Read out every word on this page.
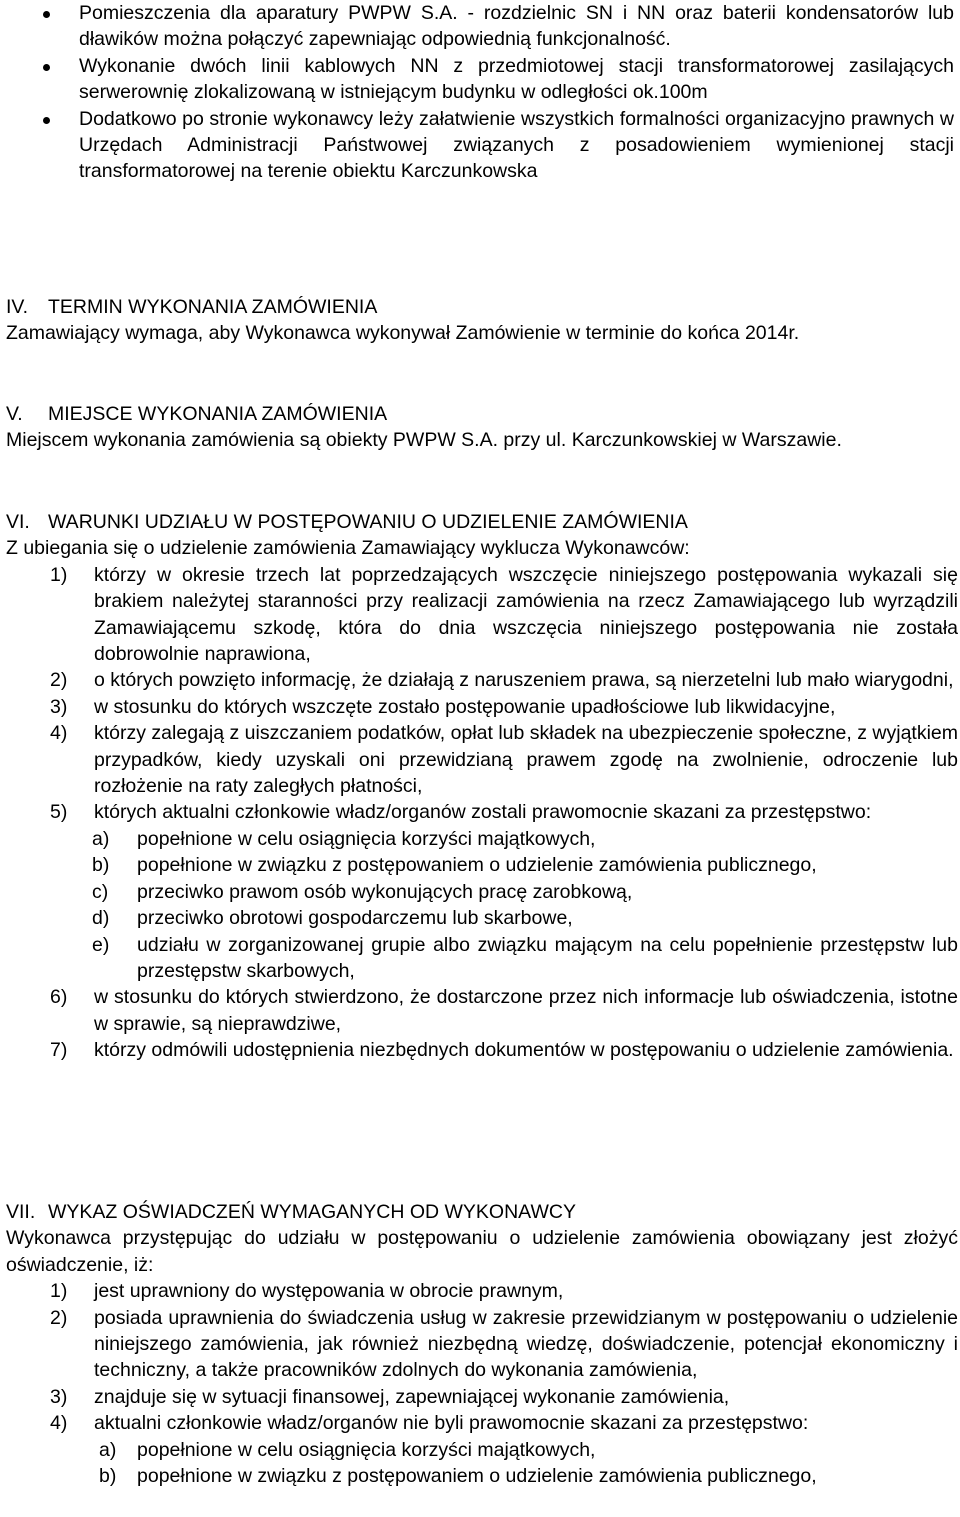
Pomieszczenia dla aparatury PWPW S.A. - rozdzielnic SN i NN oraz baterii kondensatorów lub dławików można połączyć zapewniając odpowiednią funkcjonalność.
Wykonanie dwóch linii kablowych NN z przedmiotowej stacji transformatorowej zasilających serwerownię zlokalizowaną w istniejącym budynku w odległości ok.100m
Dodatkowo po stronie wykonawcy leży załatwienie wszystkich formalności organizacyjno prawnych w Urzędach Administracji Państwowej związanych z posadowieniem wymienionej stacji transformatorowej na terenie obiektu Karczunkowska
IV. TERMIN WYKONANIA ZAMÓWIENIA
Zamawiający wymaga, aby Wykonawca wykonywał Zamówienie w terminie do końca 2014r.
V. MIEJSCE WYKONANIA ZAMÓWIENIA
Miejscem wykonania zamówienia są obiekty PWPW S.A. przy ul. Karczunkowskiej w Warszawie.
VI. WARUNKI UDZIAŁU W POSTĘPOWANIU O UDZIELENIE ZAMÓWIENIA
Z ubiegania się o udzielenie zamówienia Zamawiający wyklucza Wykonawców:
1) którzy w okresie trzech lat poprzedzających wszczęcie niniejszego postępowania wykazali się brakiem należytej staranności przy realizacji zamówienia na rzecz Zamawiającego lub wyrządzili Zamawiającemu szkodę, która do dnia wszczęcia niniejszego postępowania nie została dobrowolnie naprawiona,
2) o których powzięto informację, że działają z naruszeniem prawa, są nierzetelni lub mało wiarygodni,
3) w stosunku do których wszczęte zostało postępowanie upadłościowe lub likwidacyjne,
4) którzy zalegają z uiszczaniem podatków, opłat lub składek na ubezpieczenie społeczne, z wyjątkiem przypadków, kiedy uzyskali oni przewidzianą prawem zgodę na zwolnienie, odroczenie lub rozłożenie na raty zaległych płatności,
5) których aktualni członkowie władz/organów zostali prawomocnie skazani za przestępstwo:
a) popełnione w celu osiągnięcia korzyści majątkowych,
b) popełnione w związku z postępowaniem o udzielenie zamówienia publicznego,
c) przeciwko prawom osób wykonujących pracę zarobkową,
d) przeciwko obrotowi gospodarczemu lub skarbowe,
e) udziału w zorganizowanej grupie albo związku mającym na celu popełnienie przestępstw lub przestępstw skarbowych,
6) w stosunku do których stwierdzono, że dostarczone przez nich informacje lub oświadczenia, istotne w sprawie, są nieprawdziwe,
7) którzy odmówili udostępnienia niezbędnych dokumentów w postępowaniu o udzielenie zamówienia.
VII. WYKAZ OŚWIADCZEŃ WYMAGANYCH OD WYKONAWCY
Wykonawca przystępując do udziału w postępowaniu o udzielenie zamówienia obowiązany jest złożyć oświadczenie, iż:
1) jest uprawniony do występowania w obrocie prawnym,
2) posiada uprawnienia do świadczenia usług w zakresie przewidzianym w postępowaniu o udzielenie niniejszego zamówienia, jak również niezbędną wiedzę, doświadczenie, potencjał ekonomiczny i techniczny, a także pracowników zdolnych do wykonania zamówienia,
3) znajduje się w sytuacji finansowej, zapewniającej wykonanie zamówienia,
4) aktualni członkowie władz/organów nie byli prawomocnie skazani za przestępstwo:
a) popełnione w celu osiągnięcia korzyści majątkowych,
b) popełnione w związku z postępowaniem o udzielenie zamówienia publicznego,
